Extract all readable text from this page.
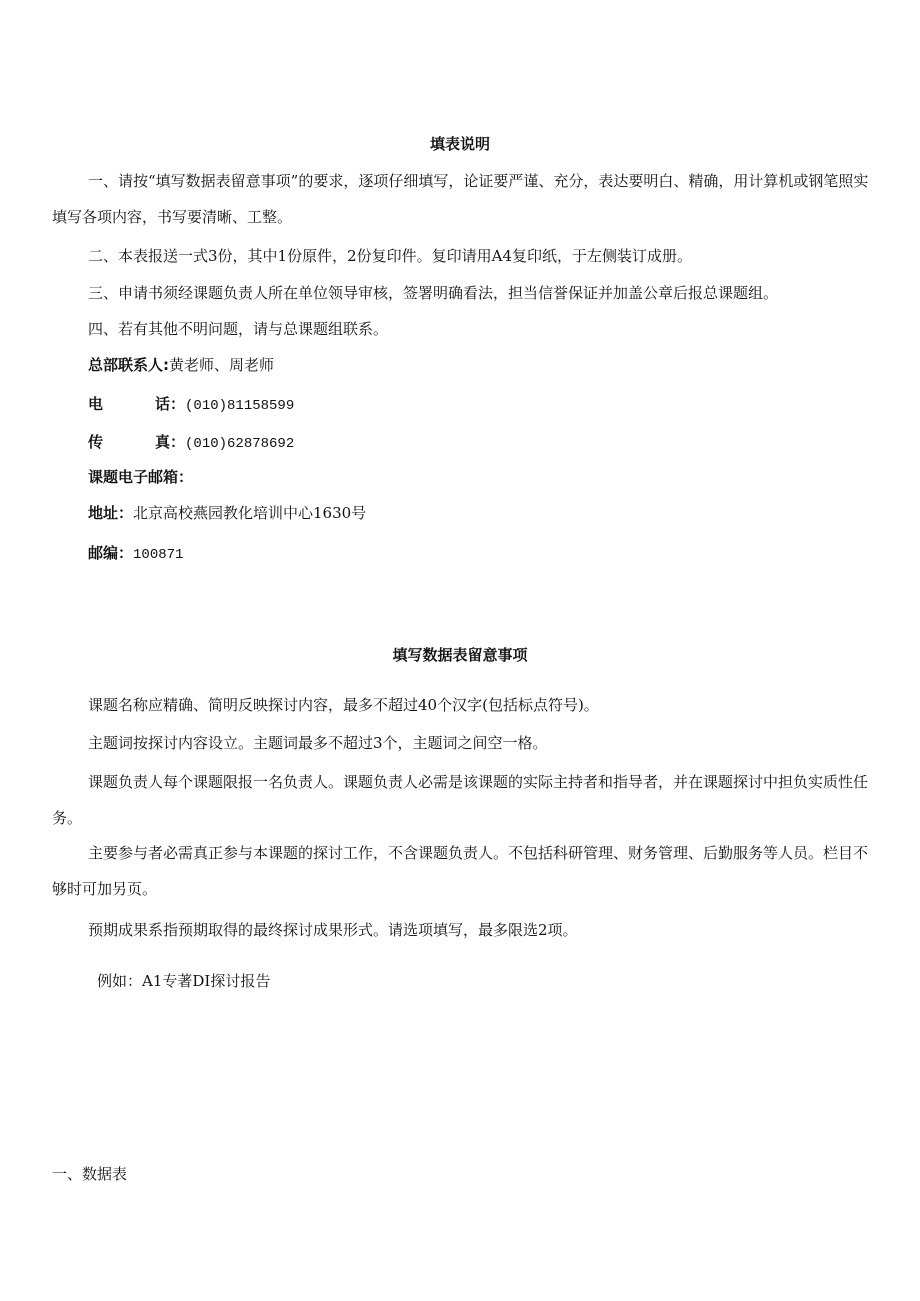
填表说明
一、请按“填写数据表留意事项”的要求，逐项仔细填写，论证要严谨、充分，表达要明白、精确，用计算机或钢笔照实填写各项内容，书写要清晰、工整。
二、本表报送一式3份，其中1份原件，2份复印件。复印请用A4复印纸，于左侧装订成册。
三、申请书须经课题负责人所在单位领导审核，签署明确看法，担当信誉保证并加盖公章后报总课题组。
四、若有其他不明问题，请与总课题组联系。
总部联系人:黄老师、周老师
电	话：(010)81158599
传	真：(010)62878692
课题电子邮箱：
地址：北京高校燕园教化培训中心1630号
邮编：100871
填写数据表留意事项
课题名称应精确、简明反映探讨内容，最多不超过40个汉字(包括标点符号)。
主题词按探讨内容设立。主题词最多不超过3个，主题词之间空一格。
课题负责人每个课题限报一名负责人。课题负责人必需是该课题的实际主持者和指导者，并在课题探讨中担负实质性任务。
主要参与者必需真正参与本课题的探讨工作，不含课题负责人。不包括科研管理、财务管理、后勤服务等人员。栏目不够时可加另页。
预期成果系指预期取得的最终探讨成果形式。请选项填写，最多限选2项。
例如：A1专著DI探讨报告
一、数据表
